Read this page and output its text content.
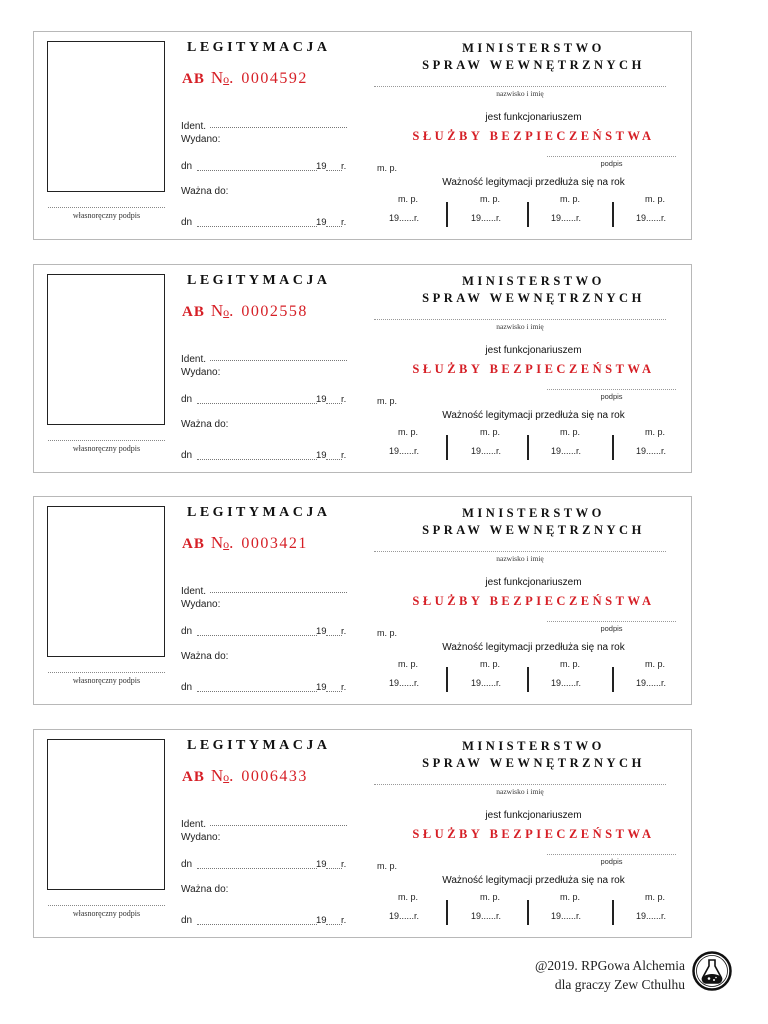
własnoręczny podpis
LEGITYMACJA
AB No. 0004592
Ident.
Wydano:
dn	19 r.
Ważna do:
dn	19 r.
MINISTERSTWO
SPRAW WEWNĘTRZNYCH
nazwisko i imię
jest funkcjonariuszem
SŁUŻBY BEZPIECZEŃSTWA
m. p.	podpis
Ważność legitymacji przedłuża się na rok
m. p.
19......r.
m. p.
19......r.
m. p.
19......r.
m. p.
19......r.
własnoręczny podpis
LEGITYMACJA
AB No. 0002558
Ident.
Wydano:
dn	19 r.
Ważna do:
dn	19 r.
MINISTERSTWO
SPRAW WEWNĘTRZNYCH
nazwisko i imię
jest funkcjonariuszem
SŁUŻBY BEZPIECZEŃSTWA
m. p.	podpis
Ważność legitymacji przedłuża się na rok
m. p.
19......r.
m. p.
19......r.
m. p.
19......r.
m. p.
19......r.
własnoręczny podpis
LEGITYMACJA
AB No. 0003421
Ident.
Wydano:
dn	19 r.
Ważna do:
dn	19 r.
MINISTERSTWO
SPRAW WEWNĘTRZNYCH
nazwisko i imię
jest funkcjonariuszem
SŁUŻBY BEZPIECZEŃSTWA
m. p.	podpis
Ważność legitymacji przedłuża się na rok
m. p.
19......r.
m. p.
19......r.
m. p.
19......r.
m. p.
19......r.
własnoręczny podpis
LEGITYMACJA
AB No. 0006433
Ident.
Wydano:
dn	19 r.
Ważna do:
dn	19 r.
MINISTERSTWO
SPRAW WEWNĘTRZNYCH
nazwisko i imię
jest funkcjonariuszem
SŁUŻBY BEZPIECZEŃSTWA
m. p.	podpis
Ważność legitymacji przedłuża się na rok
m. p.
19......r.
m. p.
19......r.
m. p.
19......r.
m. p.
19......r.
@2019. RPGowa Alchemia
dla graczy Zew Cthulhu
